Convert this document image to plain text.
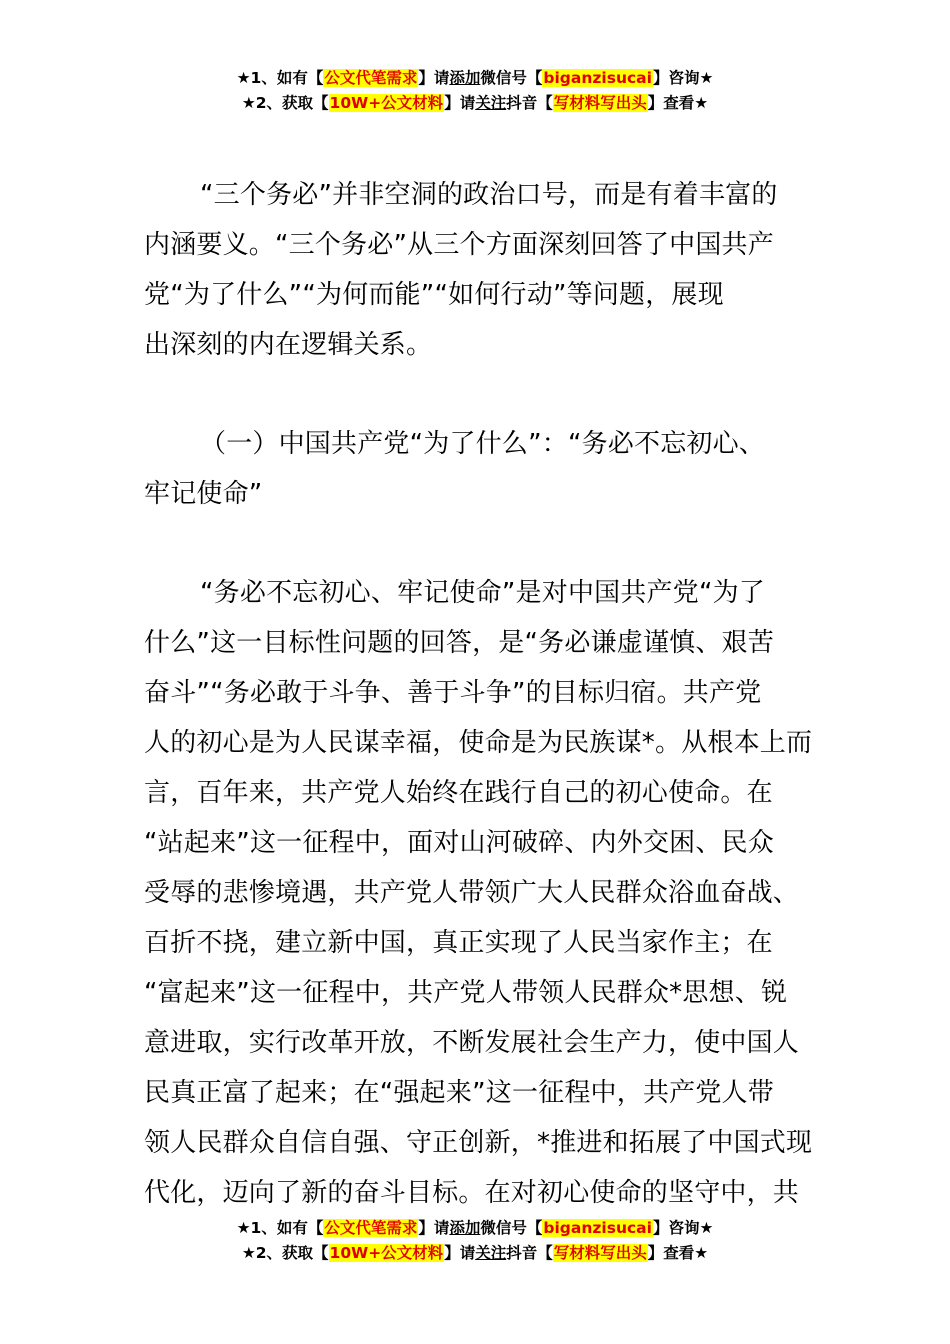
★1、如有【公文代笔需求】请添加微信号【biganzisucai】咨询★
★2、获取【10W+公文材料】请关注抖音【写材料写出头】查看★
“三个务必”并非空洞的政治口号，而是有着丰富的
内涵要义。“三个务必”从三个方面深刻回答了中国共产
党“为了什么”“为何而能”“如何行动”等问题，展现
出深刻的内在逻辑关系。
（一）中国共产党“为了什么”：“务必不忘初心、
牢记使命”
“务必不忘初心、牢记使命”是对中国共产党“为了
什么”这一目标性问题的回答，是“务必谦虚谨慎、艰苦
奋斗”“务必敢于斗争、善于斗争”的目标归宿。共产党
人的初心是为人民谋幸福，使命是为民族谋*。从根本上而
言，百年来，共产党人始终在践行自己的初心使命。在
“站起来”这一征程中，面对山河破碎、内外交困、民众
受辱的悲惨境遇，共产党人带领广大人民群众浴血奋战、
百折不挠，建立新中国，真正实现了人民当家作主；在
“富起来”这一征程中，共产党人带领人民群众*思想、锐
意进取，实行改革开放，不断发展社会生产力，使中国人
民真正富了起来；在“强起来”这一征程中，共产党人带
领人民群众自信自强、守正创新，*推进和拓展了中国式现
代化，迈向了新的奋斗目标。在对初心使命的坚守中，共
★1、如有【公文代笔需求】请添加微信号【biganzisucai】咨询★
★2、获取【10W+公文材料】请关注抖音【写材料写出头】查看★
